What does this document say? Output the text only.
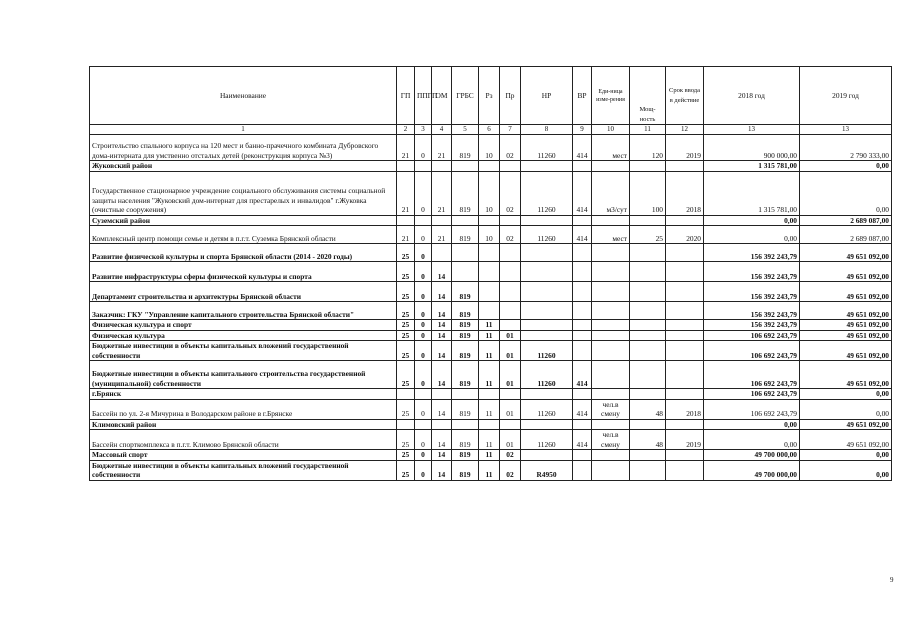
Наименование	ГП	ППГП	ОМ	ГРБС	Рз	Пр	НР	ВР	Еди-ница изме-рения	Мощ-ность	Срок ввода в действие	2018 год	2019 год
1	2	3	4	5	6	7	8	9	10	11	12	13	13
Строительство спального корпуса на 120 мест и банно-прачечного комбината Дубровского дома-интерната для умственно отсталых детей (реконструкция корпуса №3)	21	0	21	819	10	02	11260	414	мест	120	2019	900 000,00	2 790 333,00
Жуковский район												1 315 781,00	0,00
Государственное стационарное учреждение социального обслуживания системы социальной защиты населения "Жуковский дом-интернат для престарелых и инвалидов" г.Жуковка (очистные сооружения)	21	0	21	819	10	02	11260	414	м3/сут	100	2018	1 315 781,00	0,00
Суземский район												0,00	2 689 087,00
Комплексный центр помощи семье и детям в п.г.т. Суземка Брянской области	21	0	21	819	10	02	11260	414	мест	25	2020	0,00	2 689 087,00
Развитие физической культуры и спорта Брянской области (2014 - 2020 годы)	25	0										156 392 243,79	49 651 092,00
Развитие инфраструктуры сферы физической культуры и спорта	25	0	14									156 392 243,79	49 651 092,00
Департамент строительства и архитектуры Брянской области	25	0	14	819								156 392 243,79	49 651 092,00
Заказчик: ГКУ "Управление капитального строительства Брянской области"	25	0	14	819								156 392 243,79	49 651 092,00
Физическая культура и спорт	25	0	14	819	11							156 392 243,79	49 651 092,00
Физическая культура	25	0	14	819	11	01						106 692 243,79	49 651 092,00
Бюджетные инвестиции в объекты капитальных вложений государственной собственности	25	0	14	819	11	01	11260					106 692 243,79	49 651 092,00
Бюджетные инвестиции в объекты капитального строительства государственной (муниципальной) собственности	25	0	14	819	11	01	11260	414				106 692 243,79	49 651 092,00
г.Брянск												106 692 243,79	0,00
Бассейн по ул. 2-я Мичурина в Володарском районе в г.Брянске	25	0	14	819	11	01	11260	414	чел.в смену	48	2018	106 692 243,79	0,00
Климовский район												0,00	49 651 092,00
Бассейн спорткомплекса в п.г.т. Климово Брянской области	25	0	14	819	11	01	11260	414	чел.в смену	48	2019	0,00	49 651 092,00
Массовый спорт	25	0	14	819	11	02						49 700 000,00	0,00
Бюджетные инвестиции в объекты капитальных вложений государственной собственности	25	0	14	819	11	02	R4950					49 700 000,00	0,00
9
